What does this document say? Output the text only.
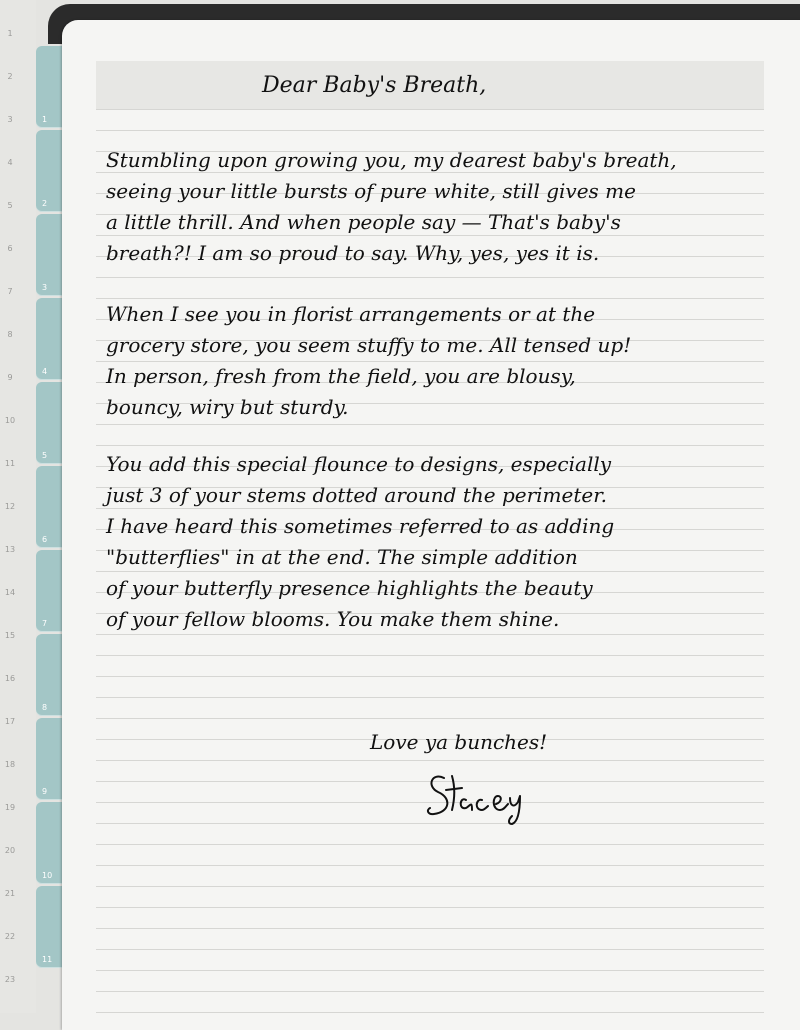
1
2
3
4
5
6
7
8
9
10
11
12
13
14
15
16
17
18
19
20
21
22
23
1
2
3
4
5
6
7
8
9
10
11
Dear Baby's Breath,
Stumbling upon growing you, my dearest baby's breath,
seeing your little bursts of pure white, still gives me
a little thrill. And when people say — That's baby's
breath?! I am so proud to say. Why, yes, yes it is.
When I see you in florist arrangements or at the
grocery store, you seem stuffy to me. All tensed up!
In person, fresh from the field, you are blousy,
bouncy, wiry but sturdy.
You add this special flounce to designs, especially
just 3 of your stems dotted around the perimeter.
I have heard this sometimes referred to as adding
"butterflies" in at the end. The simple addition
of your butterfly presence highlights the beauty
of your fellow blooms. You make them shine.
Love ya bunches!
